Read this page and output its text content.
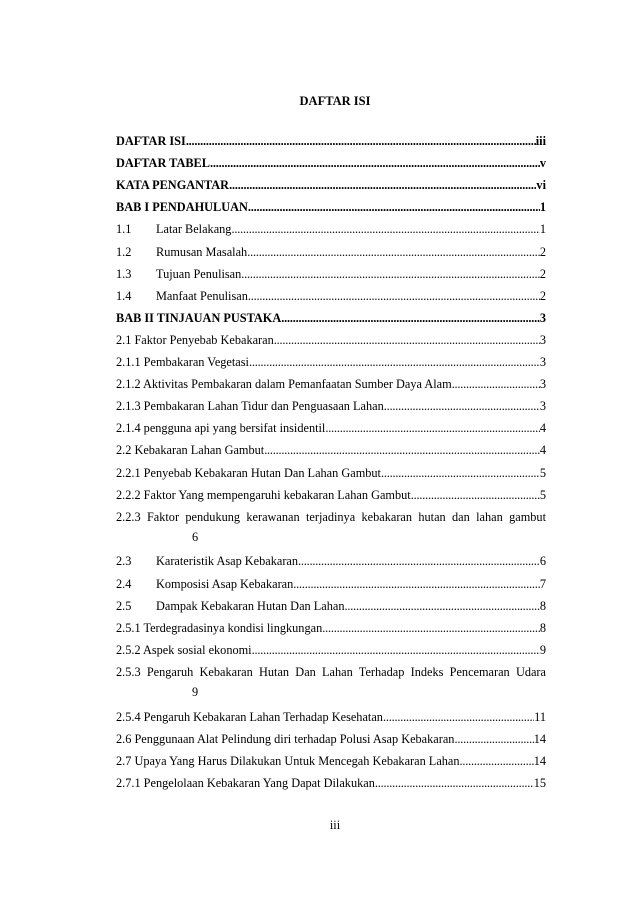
DAFTAR ISI
DAFTAR ISI .....	iii
DAFTAR TABEL .....	v
KATA PENGANTAR .....	vi
BAB I PENDAHULUAN .....	1
1.1	Latar Belakang .....	1
1.2	Rumusan Masalah .....	2
1.3	Tujuan Penulisan .....	2
1.4	Manfaat Penulisan .....	2
BAB II TINJAUAN PUSTAKA .....	3
2.1 Faktor Penyebab Kebakaran .....	3
2.1.1 Pembakaran Vegetasi .....	3
2.1.2 Aktivitas Pembakaran dalam Pemanfaatan Sumber Daya Alam .....	3
2.1.3 Pembakaran Lahan Tidur dan Penguasaan Lahan .....	3
2.1.4 pengguna api yang bersifat insidentil .....	4
2.2 Kebakaran Lahan Gambut .....	4
2.2.1 Penyebab Kebakaran Hutan Dan Lahan Gambut .....	5
2.2.2 Faktor Yang mempengaruhi kebakaran Lahan Gambut .....	5
2.2.3 Faktor pendukung kerawanan terjadinya kebakaran hutan dan lahan gambut
6
2.3	Karateristik Asap Kebakaran .....	6
2.4	Komposisi Asap Kebakaran .....	7
2.5	Dampak Kebakaran Hutan Dan Lahan .....	8
2.5.1 Terdegradasinya kondisi lingkungan .....	8
2.5.2 Aspek sosial ekonomi .....	9
2.5.3 Pengaruh Kebakaran Hutan Dan Lahan Terhadap Indeks Pencemaran Udara
9
2.5.4 Pengaruh Kebakaran Lahan Terhadap Kesehatan .....	11
2.6 Penggunaan Alat Pelindung diri terhadap Polusi Asap Kebakaran .....	14
2.7 Upaya Yang Harus Dilakukan Untuk Mencegah Kebakaran Lahan .....	14
2.7.1 Pengelolaan Kebakaran Yang Dapat Dilakukan .....	15
iii
